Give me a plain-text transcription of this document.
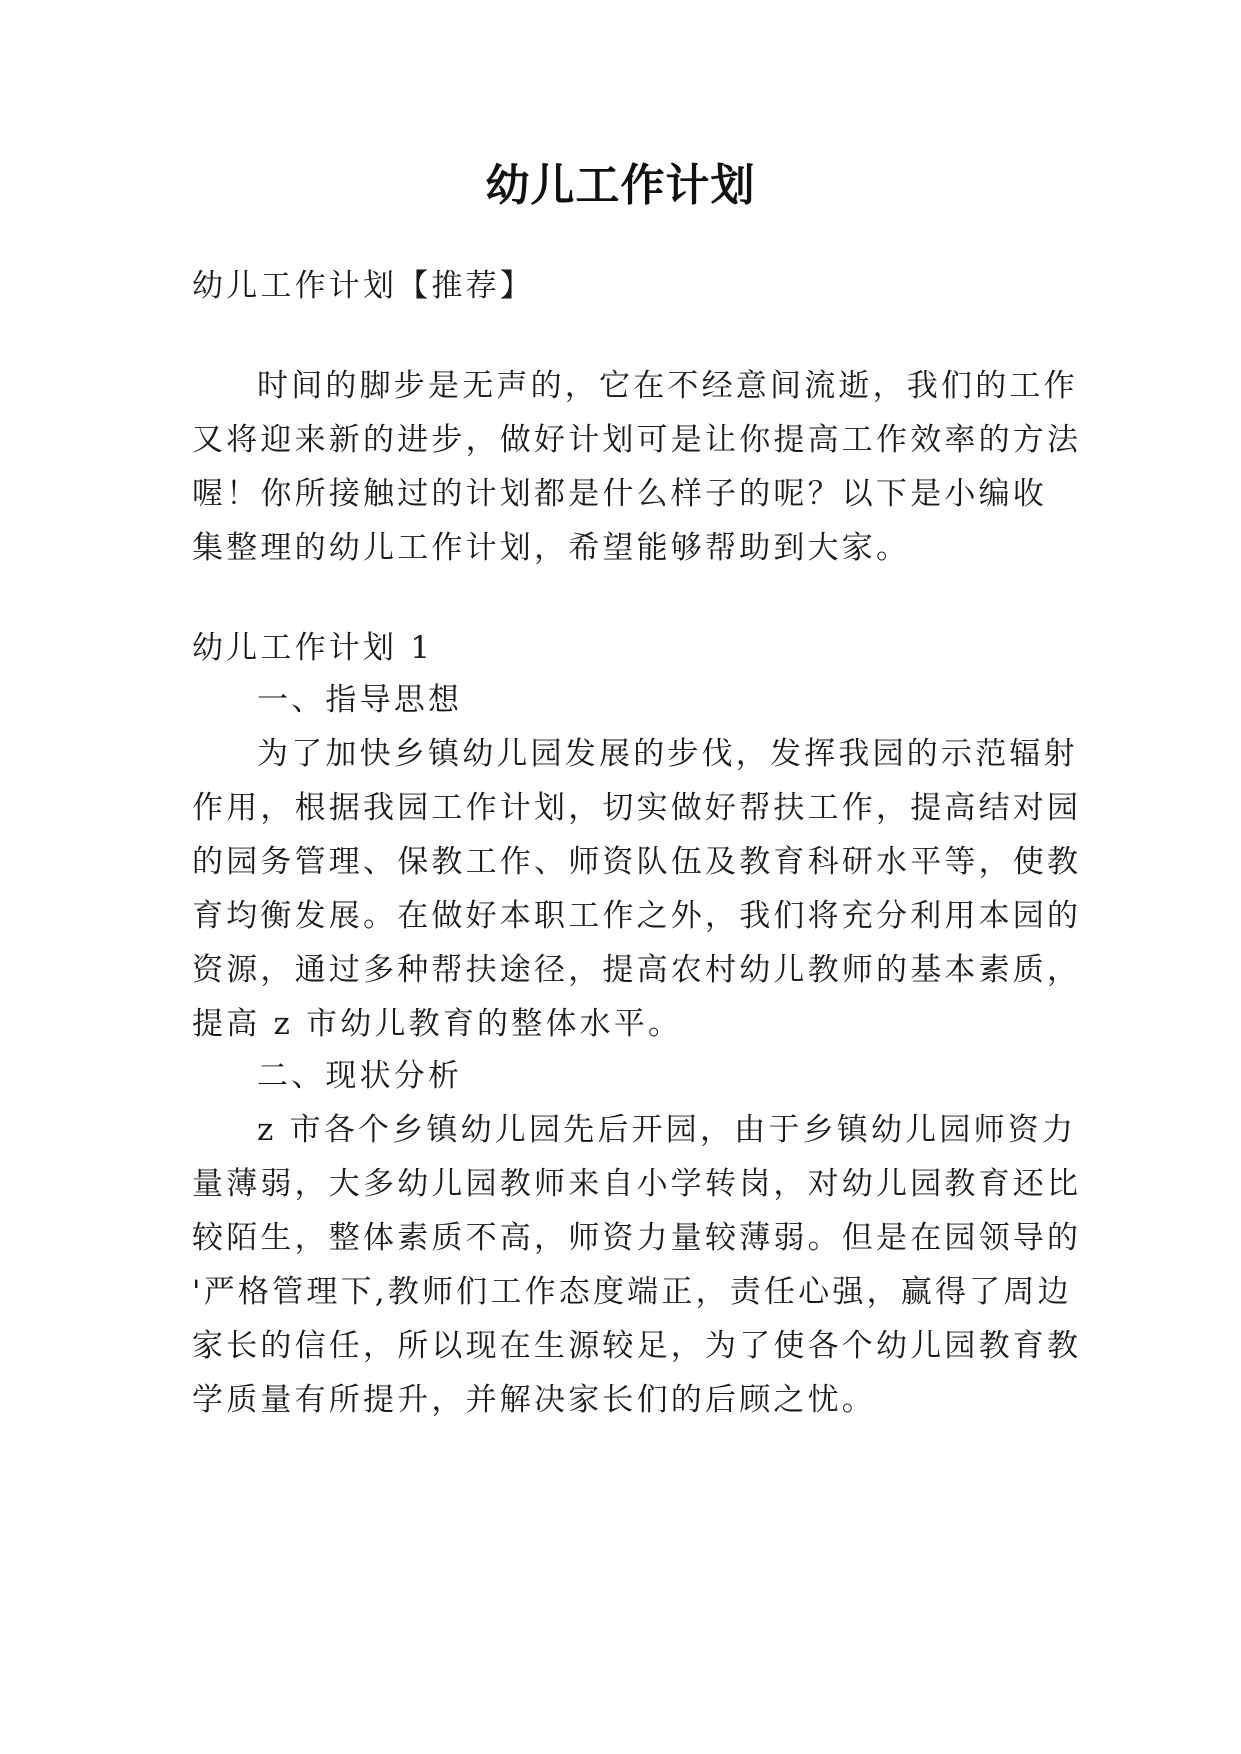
幼儿工作计划
幼儿工作计划【推荐】
时间的脚步是无声的，它在不经意间流逝，我们的工作
又将迎来新的进步，做好计划可是让你提高工作效率的方法
喔！你所接触过的计划都是什么样子的呢？以下是小编收
集整理的幼儿工作计划，希望能够帮助到大家。
幼儿工作计划 1
一、指导思想
为了加快乡镇幼儿园发展的步伐，发挥我园的示范辐射
作用，根据我园工作计划，切实做好帮扶工作，提高结对园
的园务管理、保教工作、师资队伍及教育科研水平等，使教
育均衡发展。在做好本职工作之外，我们将充分利用本园的
资源，通过多种帮扶途径，提高农村幼儿教师的基本素质，
提高 z 市幼儿教育的整体水平。
二、现状分析
z 市各个乡镇幼儿园先后开园，由于乡镇幼儿园师资力
量薄弱，大多幼儿园教师来自小学转岗，对幼儿园教育还比
较陌生，整体素质不高，师资力量较薄弱。但是在园领导的
'严格管理下,教师们工作态度端正，责任心强，赢得了周边
家长的信任，所以现在生源较足，为了使各个幼儿园教育教
学质量有所提升，并解决家长们的后顾之忧。
